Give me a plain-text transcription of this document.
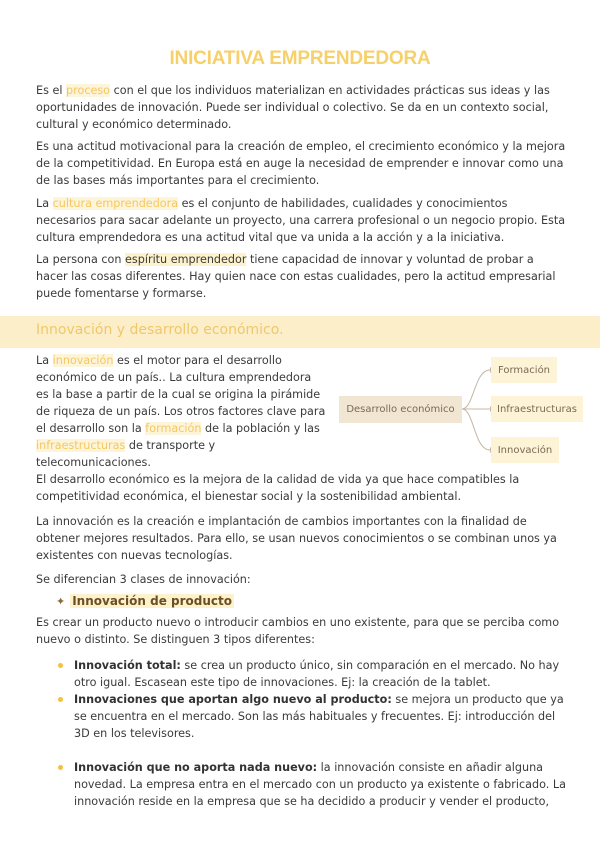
INICIATIVA EMPRENDEDORA

Es el proceso con el que los individuos materializan en actividades prácticas sus ideas y las oportunidades de innovación. Puede ser individual o colectivo. Se da en un contexto social, cultural y económico determinado.

Es una actitud motivacional para la creación de empleo, el crecimiento económico y la mejora de la competitividad. En Europa está en auge la necesidad de emprender e innovar como una de las bases más importantes para el crecimiento.

La cultura emprendedora es el conjunto de habilidades, cualidades y conocimientos necesarios para sacar adelante un proyecto, una carrera profesional o un negocio propio. Esta cultura emprendedora es una actitud vital que va unida a la acción y a la iniciativa.

La persona con espíritu emprendedor tiene capacidad de innovar y voluntad de probar a hacer las cosas diferentes. Hay quien nace con estas cualidades, pero la actitud empresarial puede fomentarse y formarse.

Innovación y desarrollo económico.

La innovación es el motor para el desarrollo económico de un país.. La cultura emprendedora es la base a partir de la cual se origina la pirámide de riqueza de un país. Los otros factores clave para el desarrollo son la formación de la población y las infraestructuras de transporte y telecomunicaciones.

Desarrollo económico
Formación
Infraestructuras
Innovación

El desarrollo económico es la mejora de la calidad de vida ya que hace compatibles la competitividad económica, el bienestar social y la sostenibilidad ambiental.

La innovación es la creación e implantación de cambios importantes con la finalidad de obtener mejores resultados. Para ello, se usan nuevos conocimientos o se combinan unos ya existentes con nuevas tecnologías.

Se diferencian 3 clases de innovación:

✦ Innovación de producto

Es crear un producto nuevo o introducir cambios en uno existente, para que se perciba como nuevo o distinto. Se distinguen 3 tipos diferentes:

Innovación total: se crea un producto único, sin comparación en el mercado. No hay otro igual. Escasean este tipo de innovaciones. Ej: la creación de la tablet.
Innovaciones que aportan algo nuevo al producto: se mejora un producto que ya se encuentra en el mercado. Son las más habituales y frecuentes. Ej: introducción del 3D en los televisores.
Innovación que no aporta nada nuevo: la innovación consiste en añadir alguna novedad. La empresa entra en el mercado con un producto ya existente o fabricado. La innovación reside en la empresa que se ha decidido a producir y vender el producto,
